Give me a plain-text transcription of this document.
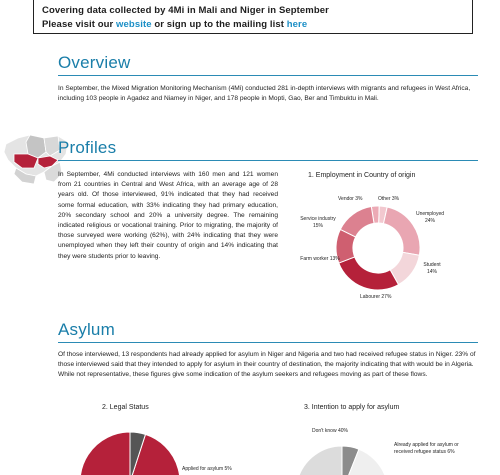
Covering data collected by 4Mi in Mali and Niger in September
Please visit our website or sign up to the mailing list here
Overview
In September, the Mixed Migration Monitoring Mechanism (4Mi) conducted 281 in-depth interviews with migrants and refugees in West Africa, including 103 people in Agadez and Niamey in Niger, and 178 people in Mopti, Gao, Ber and Timbuktu in Mali.
Profiles
In September, 4Mi conducted interviews with 160 men and 121 women from 21 countries in Central and West Africa, with an average age of 28 years old. Of those interviewed, 91% indicated that they had received some formal education, with 33% indicating they had primary education, 20% secondary school and 20% a university degree. The remaining indicated religious or vocational training. Prior to migrating, the majority of those surveyed were working (62%), with 24% indicating that they were unemployed when they left their country of origin and 14% indicating that they were students prior to leaving.
1. Employment in Country of origin
Vendor 3%	Other 3%
Unemployed 24%
Student 14%
Labourer 27%
Farm worker 13%
Service industry 15%
Asylum
Of those interviewed, 13 respondents had already applied for asylum in Niger and Nigeria and two had received refugee status in Niger. 23% of those interviewed said that they intended to apply for asylum in their country of destination, the majority indicating that with would be in Algeria. While not representative, these figures give some indication of the asylum seekers and refugees moving as part of these flows.
2. Legal Status
Applied for asylum 5%
3. Intention to apply for asylum
Don't know 40%
Already applied for asylum or received refugee status 6%
